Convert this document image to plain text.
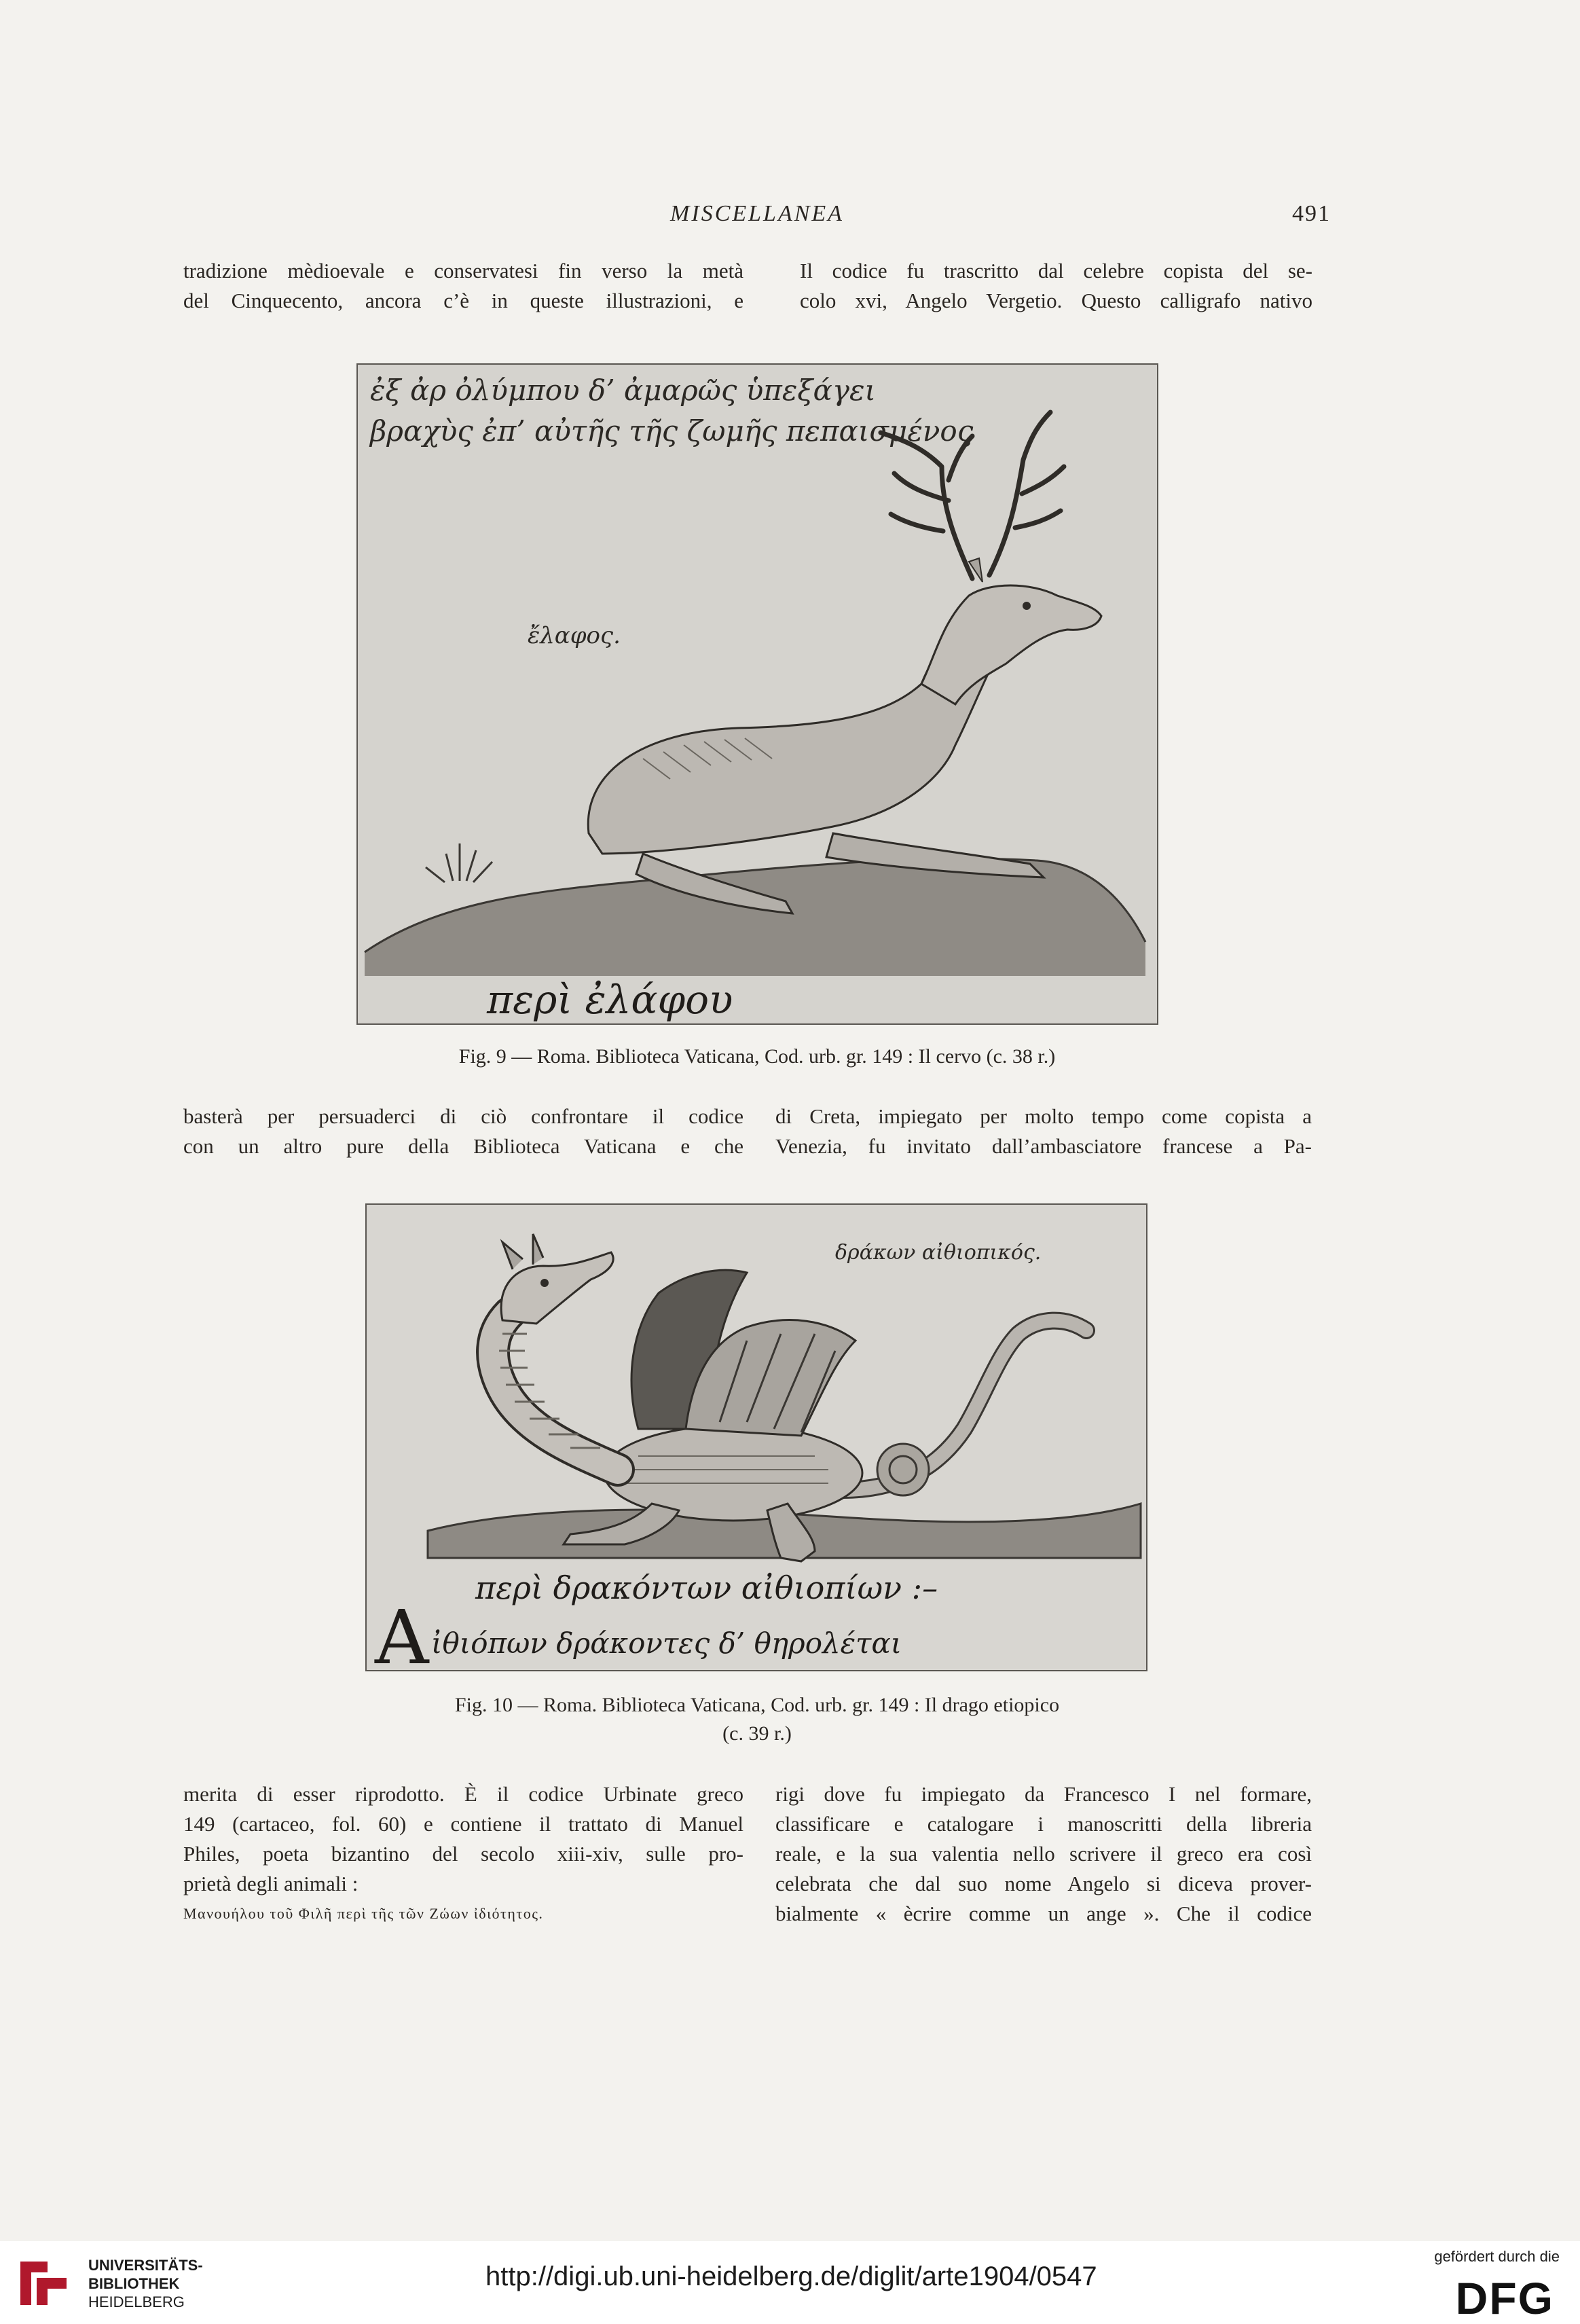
MISCELLANEA	491
tradizione mèdioevale e conservatesi fin verso la metà
del Cinquecento, ancora c’è in queste illustrazioni, e
Il codice fu trascritto dal celebre copista del se-
colo xvi, Angelo Vergetio. Questo calligrafo nativo
ἐξ ἀρ ὀλύμπου δ’ ἀμαρῶς ὑπεξάγει
βραχὺς ἐπ’ αὐτῆς τῆς ζωμῆς πεπαισμένος
ἔλαφος.
περὶ ἐλάφου
Fig. 9 — Roma. Biblioteca Vaticana, Cod. urb. gr. 149 : Il cervo (c. 38 r.)
basterà per persuaderci di ciò confrontare il codice
con un altro pure della Biblioteca Vaticana e che
di Creta, impiegato per molto tempo come copista a
Venezia, fu invitato dall’ambasciatore francese a Pa-
δράκων αἰθιοπικός.
περὶ δρακόντων αἰθιοπίων :–
A ἰθιόπων δράκοντες δ’ θηρολέται
Fig. 10 — Roma. Biblioteca Vaticana, Cod. urb. gr. 149 : Il drago etiopico
(c. 39 r.)
merita di esser riprodotto. È il codice Urbinate greco
149 (cartaceo, fol. 60) e contiene il trattato di Manuel
Philes, poeta bizantino del secolo xiii-xiv, sulle pro-
prietà degli animali :
Μανουήλου τοῦ Φιλῆ περὶ τῆς τῶν Ζώων ἰδιότητος.
rigi dove fu impiegato da Francesco I nel formare,
classificare e catalogare i manoscritti della libreria
reale, e la sua valentia nello scrivere il greco era così
celebrata che dal suo nome Angelo si diceva prover-
bialmente « ècrire comme un ange ». Che il codice
UNIVERSITÄTS-
BIBLIOTHEK
HEIDELBERG
http://digi.ub.uni-heidelberg.de/diglit/arte1904/0547
gefördert durch die
DFG
